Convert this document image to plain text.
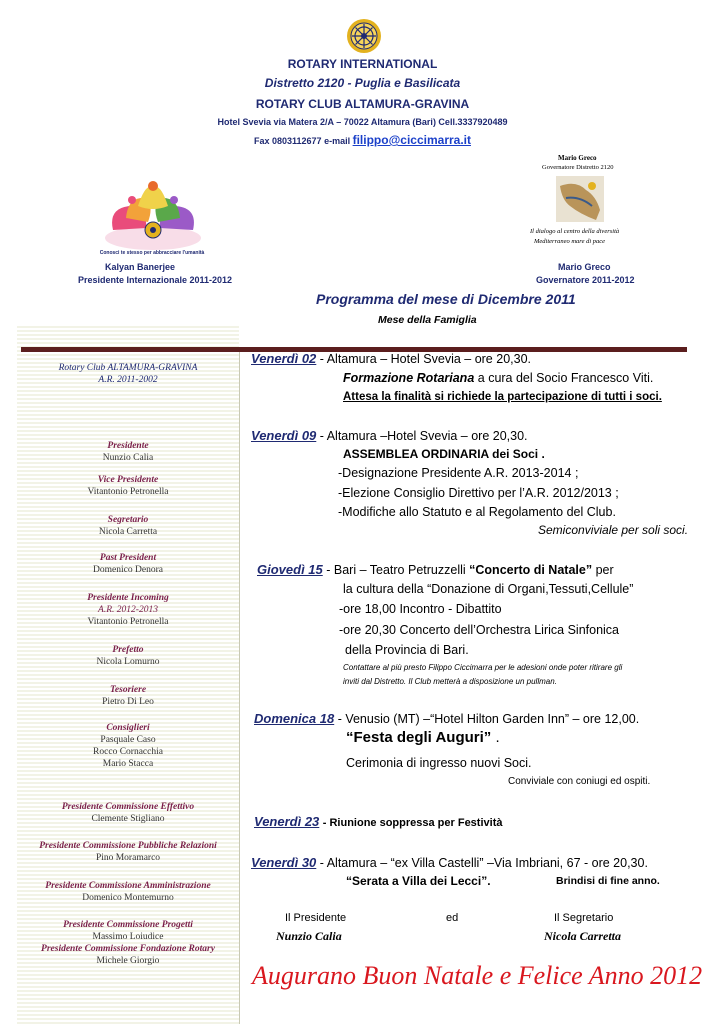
ROTARY INTERNATIONAL
Distretto 2120 - Puglia e Basilicata
ROTARY CLUB ALTAMURA-GRAVINA
Hotel Svevia via Matera 2/A – 70022 Altamura (Bari) Cell.3337920489
Fax 0803112677 e-mail filippo@ciccimarra.it
Conosci te stesso per abbracciare l'umanità
Kalyan Banerjee
Presidente Internazionale 2011-2012
Mario Greco
Governatore Distretto 2120
Il dialogo al centro della diversità
Mediterraneo mare di pace
Mario Greco
Governatore 2011-2012
Programma del mese di Dicembre 2011
Mese della Famiglia
Rotary Club ALTAMURA-GRAVINA
A.R. 2011-2002
Presidente
Nunzio Calia
Vice Presidente
Vitantonio Petronella
Segretario
Nicola Carretta
Past President
Domenico Denora
Presidente Incoming
A.R. 2012-2013
Vitantonio Petronella
Prefetto
Nicola Lomurno
Tesoriere
Pietro Di Leo
Consiglieri
Pasquale Caso
Rocco Cornacchia
Mario Stacca
Presidente Commissione Effettivo
Clemente Stigliano
Presidente Commissione Pubbliche Relazioni
Pino Moramarco
Presidente Commissione Amministrazione
Domenico Montemurno
Presidente Commissione Progetti
Massimo Loiudice
Presidente Commissione Fondazione Rotary
Michele Giorgio
Venerdì 02 - Altamura – Hotel Svevia – ore 20,30.
Formazione Rotariana a cura del Socio Francesco Viti.
Attesa la finalità si richiede la partecipazione di tutti i soci.
Venerdì 09 - Altamura –Hotel Svevia – ore 20,30.
ASSEMBLEA ORDINARIA dei Soci .
-Designazione Presidente A.R. 2013-2014 ;
-Elezione Consiglio Direttivo per l’A.R. 2012/2013 ;
-Modifiche allo Statuto e al Regolamento del Club.
Semiconviviale per soli soci.
Giovedì 15 - Bari – Teatro Petruzzelli “Concerto di Natale” per
la cultura della “Donazione di Organi,Tessuti,Cellule”
-ore 18,00 Incontro - Dibattito
-ore 20,30 Concerto dell’Orchestra Lirica Sinfonica
della Provincia di Bari.
Contattare al più presto Filippo Ciccimarra per le adesioni onde poter ritirare gli
inviti dal Distretto. Il Club metterà a disposizione un pullman.
Domenica 18 - Venusio (MT) –“Hotel Hilton Garden Inn” – ore 12,00.
“Festa degli Auguri” .
Cerimonia di ingresso nuovi Soci.
Conviviale con coniugi ed ospiti.
Venerdì 23 - Riunione soppressa per Festività
Venerdì 30 - Altamura – “ex Villa Castelli” –Via Imbriani, 67 - ore 20,30.
“Serata a Villa dei Lecci”.	Brindisi di fine anno.
Il Presidente	ed	Il Segretario
Nunzio Calia	Nicola Carretta
Augurano Buon Natale e Felice Anno 2012
